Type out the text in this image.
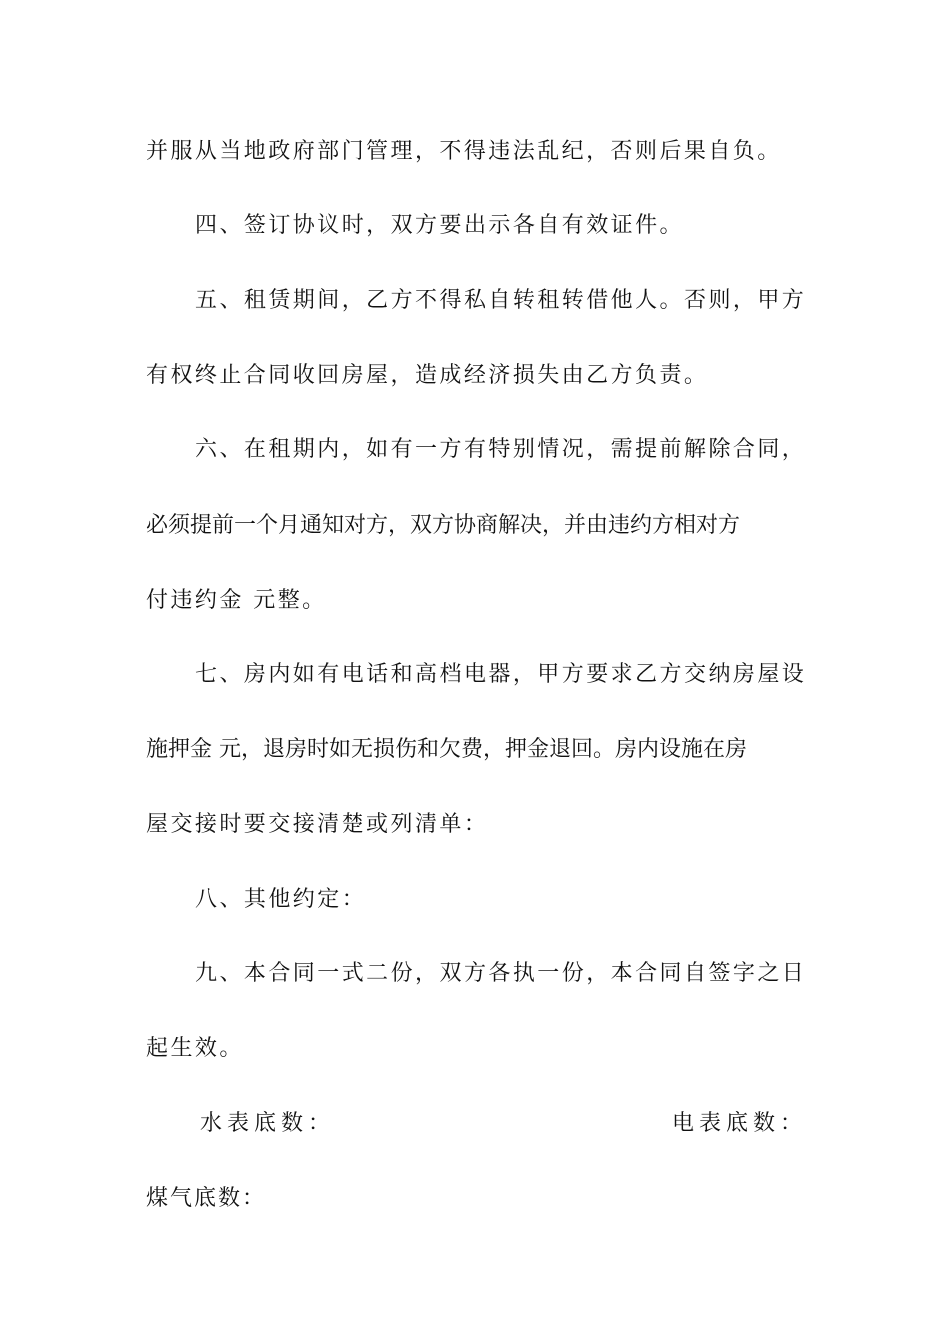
并服从当地政府部门管理，不得违法乱纪，否则后果自负。
四、签订协议时，双方要出示各自有效证件。
五、租赁期间，乙方不得私自转租转借他人。否则，甲方
有权终止合同收回房屋，造成经济损失由乙方负责。
六、在租期内，如有一方有特别情况，需提前解除合同，
必须提前一个月通知对方，双方协商解决，并由违约方相对方
付违约金 元整。
七、房内如有电话和高档电器，甲方要求乙方交纳房屋设
施押金 元，退房时如无损伤和欠费，押金退回。房内设施在房
屋交接时要交接清楚或列清单：
八、其他约定：
九、本合同一式二份，双方各执一份，本合同自签字之日
起生效。
水表底数：	电表底数：
煤气底数：
